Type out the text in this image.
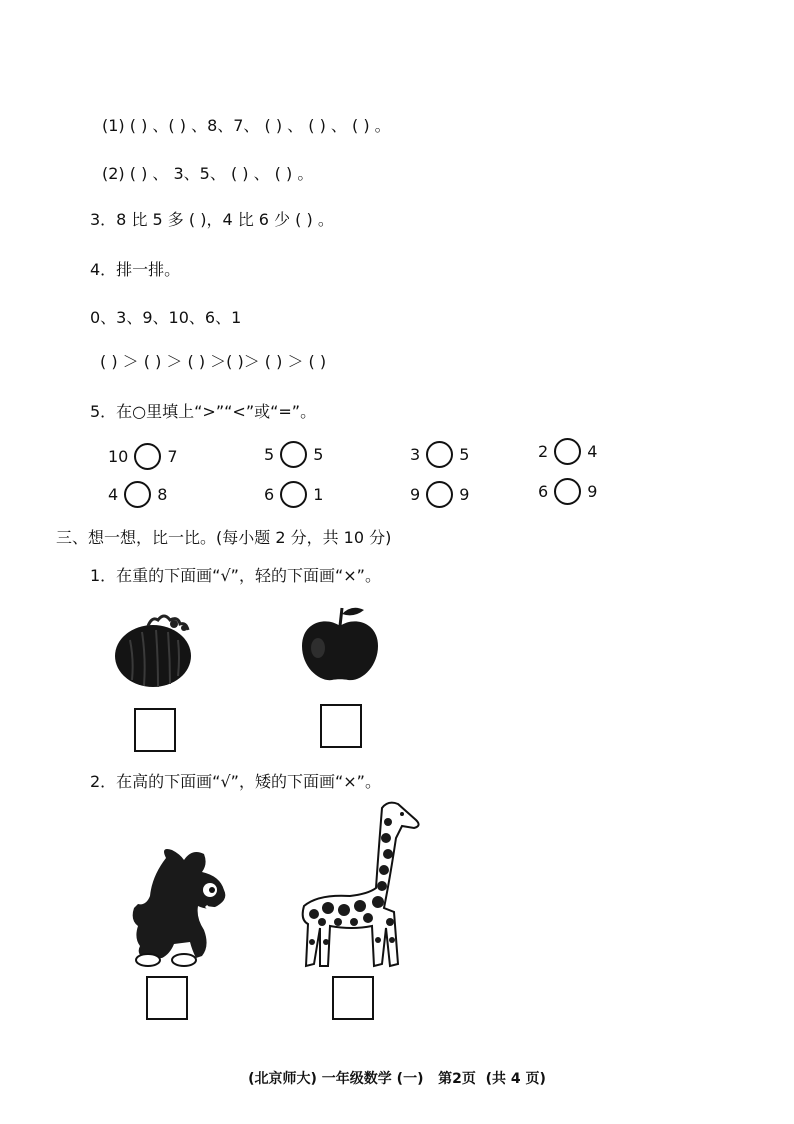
(1) ( ) 、( ) 、8、7、 ( ) 、 ( ) 、 ( ) 。
(2) ( ) 、 3、5、 ( ) 、 ( ) 。
3．8 比 5 多 ( )，4 比 6 少 ( ) 。
4．排一排。
0、3、9、10、6、1
( ) ＞ ( ) ＞ ( ) ＞( )＞ ( ) ＞ ( )
5．在○里填上“>”“<”或“=”。
10 7	5 5	3 5	2 4
4 8	6 1	9 9	6 9
三、想一想，比一比。(每小题 2 分，共 10 分)
1．在重的下面画“√”，轻的下面画“×”。
2．在高的下面画“√”，矮的下面画“×”。
(北京师大) 一年级数学 (一)   第2页  (共 4 页)
